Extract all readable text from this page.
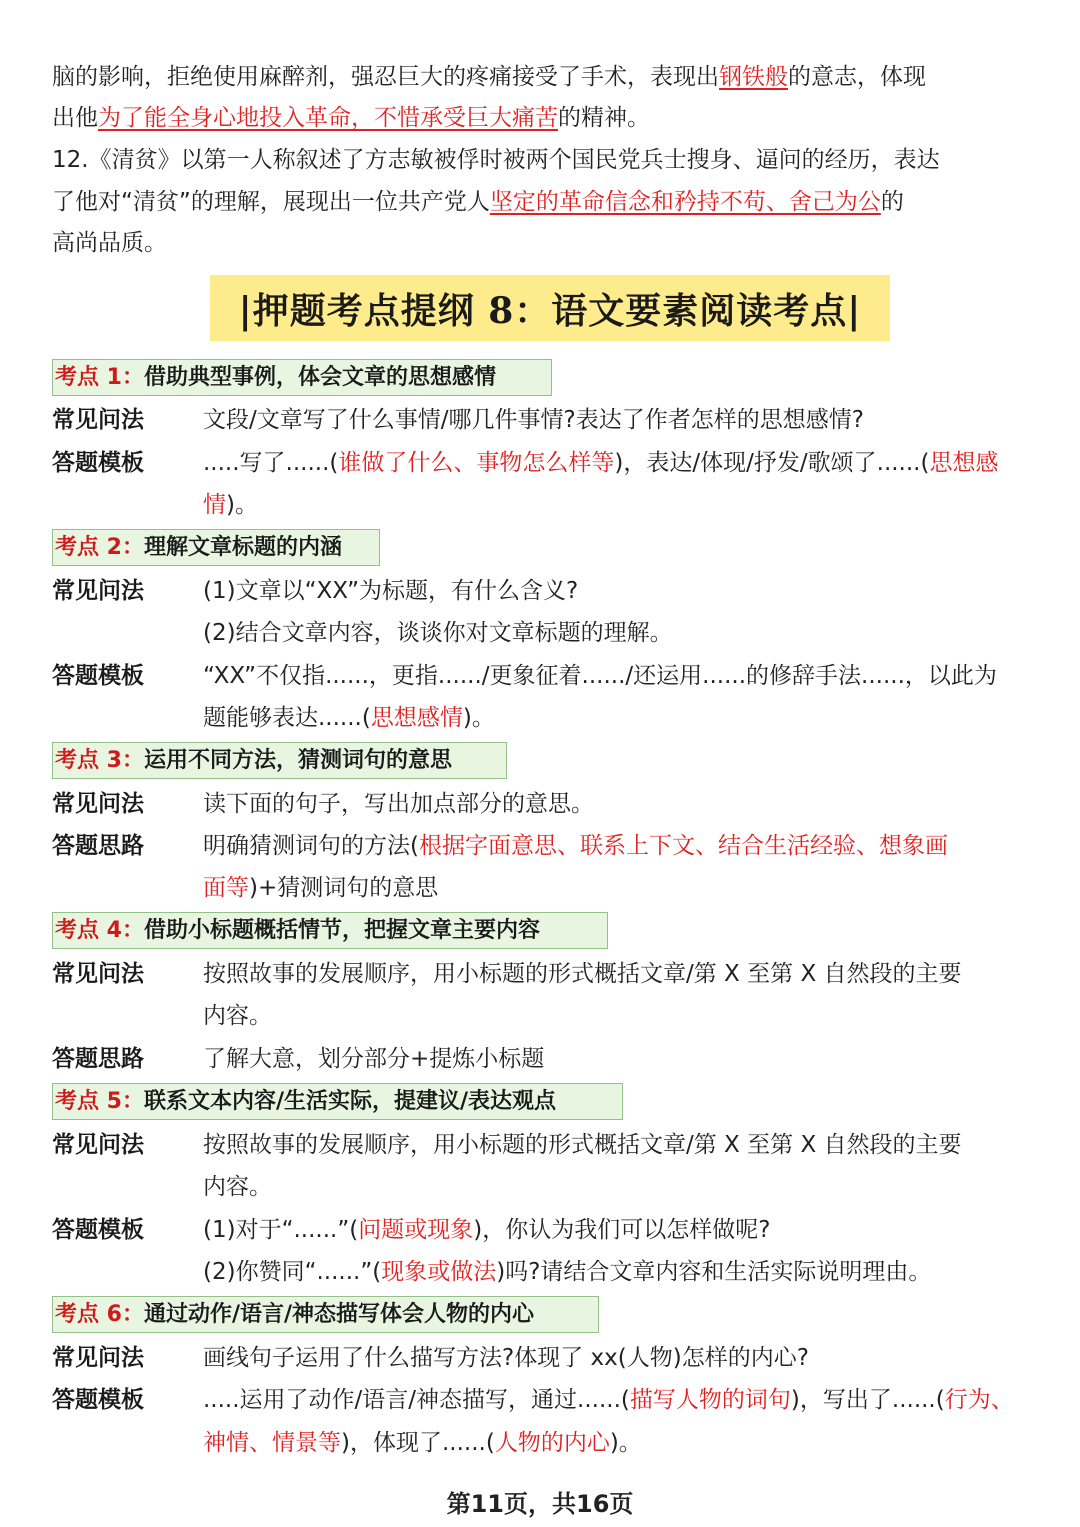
脑的影响，拒绝使用麻醉剂，强忍巨大的疼痛接受了手术，表现出钢铁般的意志，体现
出他为了能全身心地投入革命，不惜承受巨大痛苦的精神。
12.《清贫》以第一人称叙述了方志敏被俘时被两个国民党兵士搜身、逼问的经历，表达
了他对“清贫”的理解，展现出一位共产党人坚定的革命信念和矜持不苟、舍己为公的
高尚品质。
|押题考点提纲 8：语文要素阅读考点|
考点 1：借助典型事例，体会文章的思想感情
常见问法	文段/文章写了什么事情/哪几件事情?表达了作者怎样的思想感情?
答题模板	.....写了......(谁做了什么、事物怎么样等)，表达/体现/抒发/歌颂了......(思想感
情)。
考点 2：理解文章标题的内涵
常见问法	(1)文章以“XX”为标题，有什么含义?
(2)结合文章内容，谈谈你对文章标题的理解。
答题模板	“XX”不仅指......，更指....../更象征着....../还运用......的修辞手法......，以此为
题能够表达......(思想感情)。
考点 3：运用不同方法，猜测词句的意思
常见问法	读下面的句子，写出加点部分的意思。
答题思路	明确猜测词句的方法(根据字面意思、联系上下文、结合生活经验、想象画
面等)+猜测词句的意思
考点 4：借助小标题概括情节，把握文章主要内容
常见问法	按照故事的发展顺序，用小标题的形式概括文章/第 X 至第 X 自然段的主要
内容。
答题思路	了解大意，划分部分+提炼小标题
考点 5：联系文本内容/生活实际，提建议/表达观点
常见问法	按照故事的发展顺序，用小标题的形式概括文章/第 X 至第 X 自然段的主要
内容。
答题模板	(1)对于“......”(问题或现象)，你认为我们可以怎样做呢?
(2)你赞同“......”(现象或做法)吗?请结合文章内容和生活实际说明理由。
考点 6：通过动作/语言/神态描写体会人物的内心
常见问法	画线句子运用了什么描写方法?体现了 xx(人物)怎样的内心?
答题模板	.....运用了动作/语言/神态描写，通过......(描写人物的词句)，写出了......(行为、
神情、情景等)，体现了......(人物的内心)。
第11页，共16页
